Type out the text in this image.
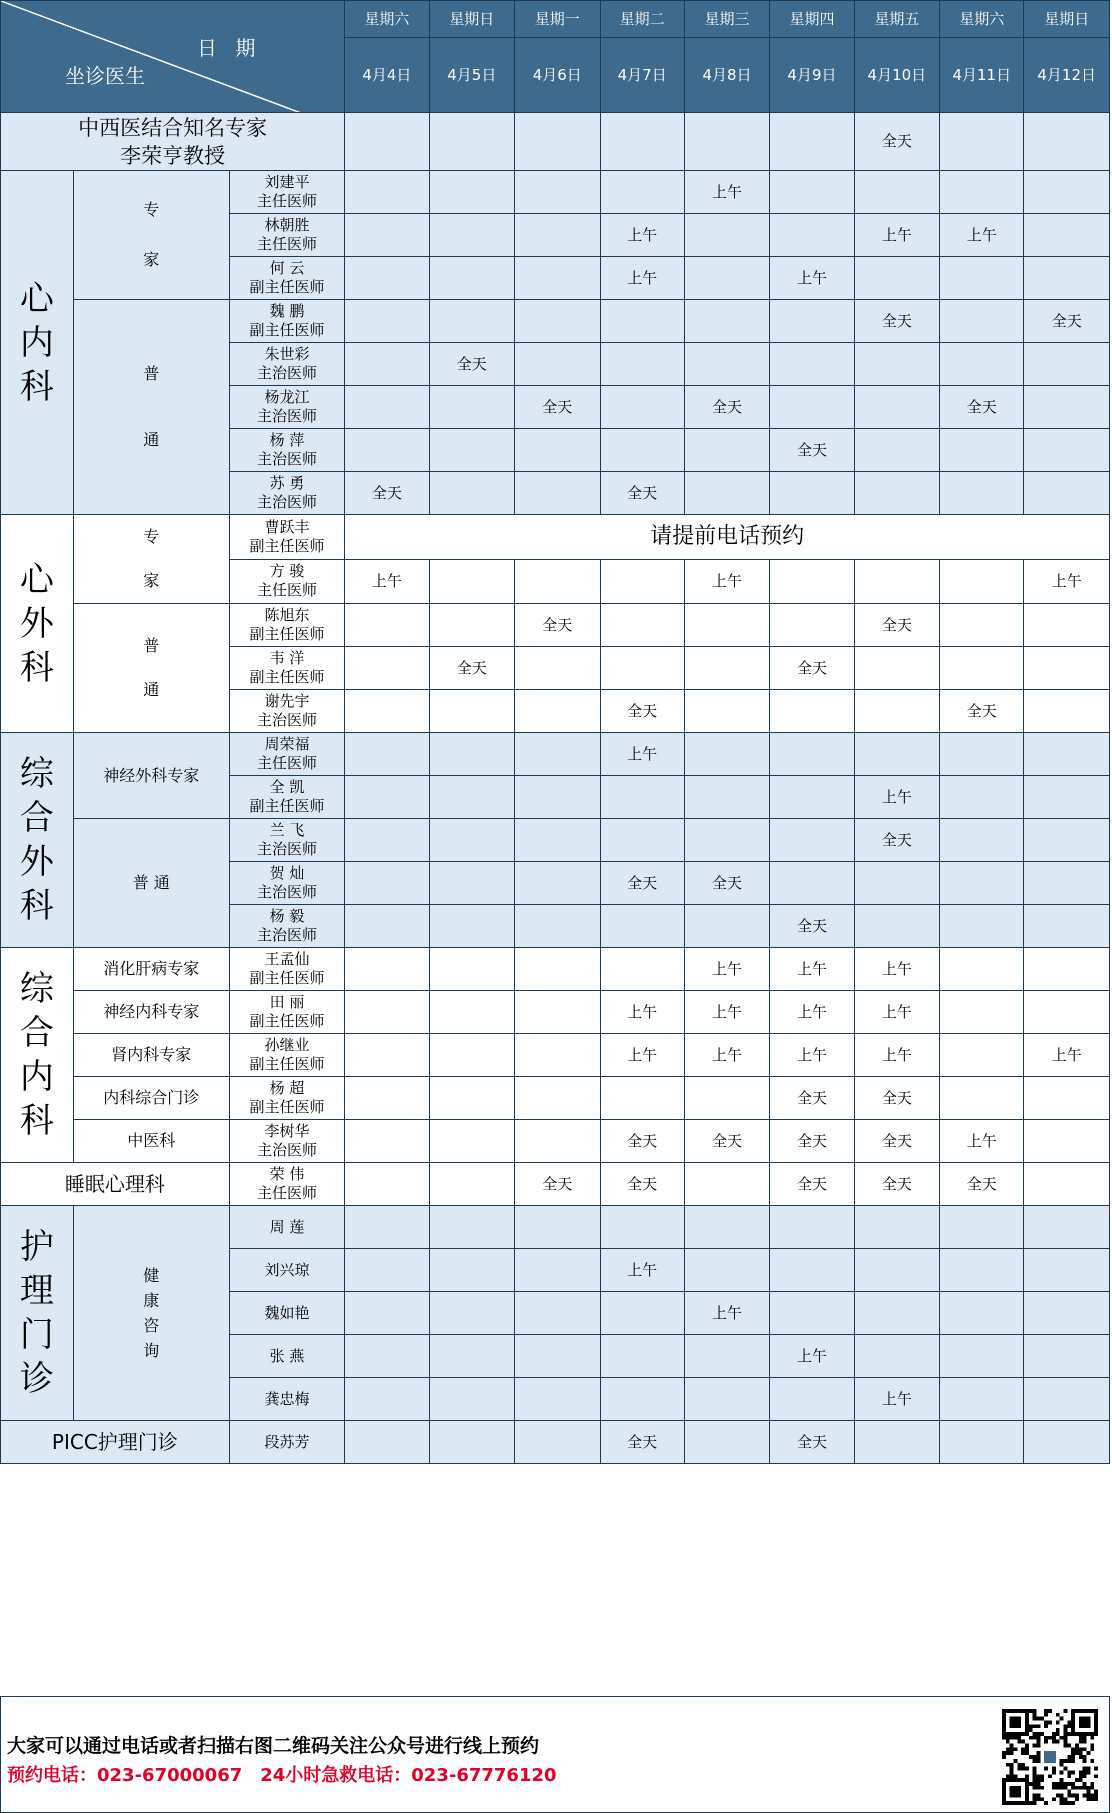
日 期
坐诊医生			星期六	星期日	星期一	星期二	星期三	星期四	星期五	星期六	星期日
			4月4日	4月5日	4月6日	4月7日	4月8日	4月9日	4月10日	4月11日	4月12日
中西医结合知名专家
李荣亨教授									全天		
心内科	专家	刘建平
主任医师					上午				
		林朝胜
主任医师				上午			上午	上午	
		何 云
副主任医师				上午		上午			
	普通	魏 鹏
副主任医师							全天		全天
		朱世彩
主治医师		全天							
		杨龙江
主治医师			全天		全天			全天	
		杨 萍
主治医师						全天			
		苏 勇
主治医师	全天			全天					
心外科	专家	曹跃丰
副主任医师	请提前电话预约								
		方 骏
主任医师	上午				上午				上午
	普通	陈旭东
副主任医师			全天				全天		
		韦 洋
副主任医师		全天				全天			
		谢先宇
主治医师				全天				全天	
综合外科	神经外科专家	周荣福
主任医师				上午					
		全 凯
副主任医师							上午		
	普 通	兰 飞
主治医师							全天		
		贺 灿
主治医师				全天	全天				
		杨 毅
主治医师						全天			
综合内科	消化肝病专家	王孟仙
副主任医师					上午	上午	上午		
	神经内科专家	田 丽
副主任医师				上午	上午	上午	上午		
	肾内科专家	孙继业
副主任医师				上午	上午	上午	上午		上午
	内科综合门诊	杨 超
副主任医师						全天	全天		
	中医科	李树华
主治医师				全天	全天	全天	全天	上午	
睡眠心理科		荣 伟
主任医师			全天	全天		全天	全天	全天	
护理门诊	健康咨询	周 莲									
		刘兴琼				上午					
		魏如艳					上午				
		张 燕						上午			
		龚忠梅							上午		
PICC护理门诊		段苏芳				全天		全天			
大家可以通过电话或者扫描右图二维码关注公众号进行线上预约
预约电话：023-67000067　24小时急救电话：023-67776120
